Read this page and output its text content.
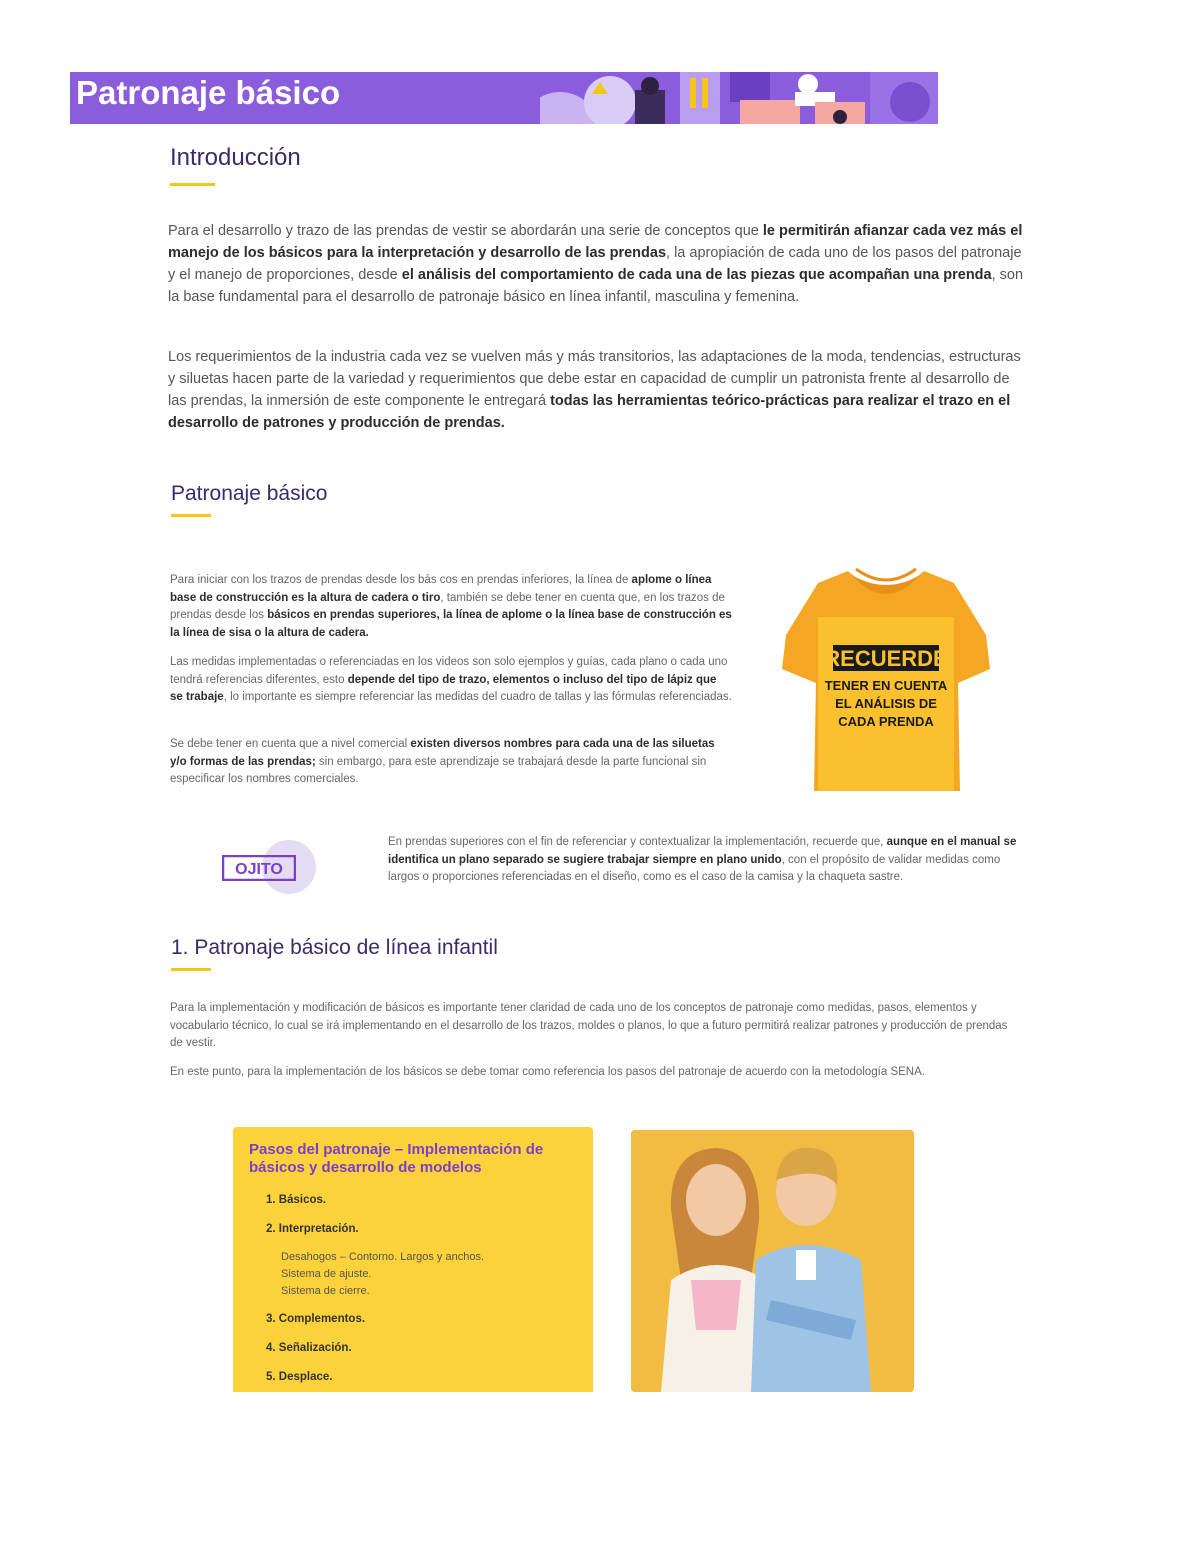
Patronaje básico
Introducción
Para el desarrollo y trazo de las prendas de vestir se abordarán una serie de conceptos que le permitirán afianzar cada vez más el manejo de los básicos para la interpretación y desarrollo de las prendas, la apropiación de cada uno de los pasos del patronaje y el manejo de proporciones, desde el análisis del comportamiento de cada una de las piezas que acompañan una prenda, son la base fundamental para el desarrollo de patronaje básico en línea infantil, masculina y femenina.
Los requerimientos de la industria cada vez se vuelven más y más transitorios, las adaptaciones de la moda, tendencias, estructuras y siluetas hacen parte de la variedad y requerimientos que debe estar en capacidad de cumplir un patronista frente al desarrollo de las prendas, la inmersión de este componente le entregará todas las herramientas teórico-prácticas para realizar el trazo en el desarrollo de patrones y producción de prendas.
Patronaje básico
Para iniciar con los trazos de prendas desde los bás cos en prendas inferiores, la línea de aplome o línea base de construcción es la altura de cadera o tiro, también se debe tener en cuenta que, en los trazos de prendas desde los básicos en prendas superiores, la línea de aplome o la línea base de construcción es la línea de sisa o la altura de cadera.
Las medidas implementadas o referenciadas en los videos son solo ejemplos y guías, cada plano o cada uno tendrá referencias diferentes, esto depende del tipo de trazo, elementos o incluso del tipo de lápiz que se trabaje, lo importante es siempre referenciar las medidas del cuadro de tallas y las fórmulas referenciadas.
Se debe tener en cuenta que a nivel comercial existen diversos nombres para cada una de las siluetas y/o formas de las prendas; sin embargo, para este aprendizaje se trabajará desde la parte funcional sin especificar los nombres comerciales.
RECUERDE
TENER EN CUENTA
EL ANÁLISIS DE
CADA PRENDA
OJITO
En prendas superiores con el fin de referenciar y contextualizar la implementación, recuerde que, aunque en el manual se identifica un plano separado se sugiere trabajar siempre en plano unido, con el propósito de validar medidas como largos o proporciones referenciadas en el diseño, como es el caso de la camisa y la chaqueta sastre.
1. Patronaje básico de línea infantil
Para la implementación y modificación de básicos es importante tener claridad de cada uno de los conceptos de patronaje como medidas, pasos, elementos y vocabulario técnico, lo cual se irá implementando en el desarrollo de los trazos, moldes o planos, lo que a futuro permitirá realizar patrones y producción de prendas de vestir.
En este punto, para la implementación de los básicos se debe tomar como referencia los pasos del patronaje de acuerdo con la metodología SENA.
Pasos del patronaje – Implementación de básicos y desarrollo de modelos
1. Básicos.
2. Interpretación.
Desahogos – Contorno. Largos y anchos.
Sistema de ajuste.
Sistema de cierre.
3. Complementos.
4. Señalización.
5. Desplace.
